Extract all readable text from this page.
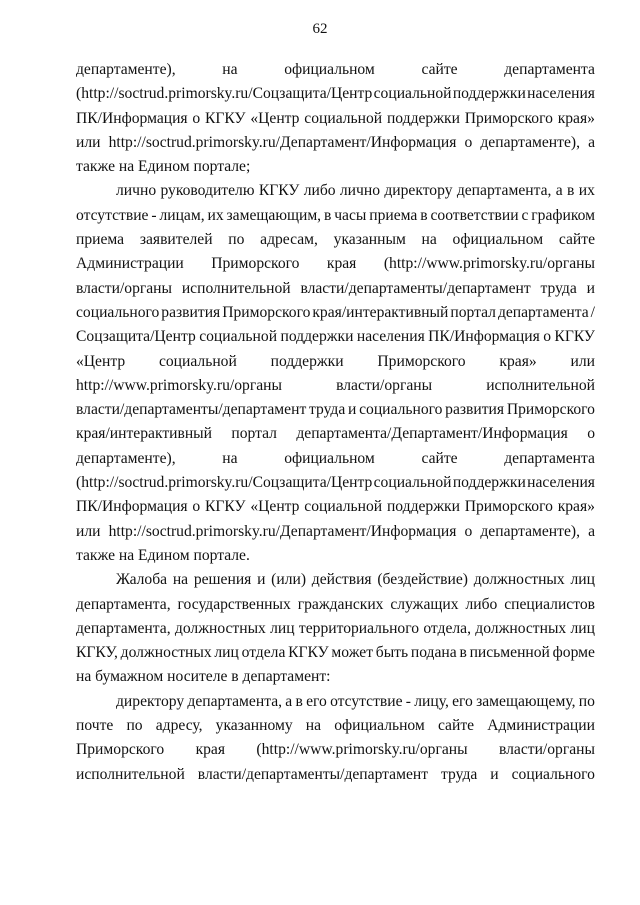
62

департаменте),	на	официальном	сайте	департамента

(http://soctrud.primorsky.ru/Соцзащита/Центр социальной поддержки населения

ПК/Информация о КГКУ «Центр социальной поддержки Приморского края»

или http://soctrud.primorsky.ru/Департамент/Информация о департаменте), а

также на Едином портале;

лично руководителю КГКУ либо лично директору департамента, а в их

отсутствие - лицам, их замещающим, в часы приема в соответствии с графиком

приема заявителей по адресам, указанным на официальном сайте

Администрации Приморского края (http://www.primorsky.ru/органы

власти/органы исполнительной власти/департаменты/департамент труда и

социального развития Приморского края/интерактивный портал департамента /

Соцзащита/Центр социальной поддержки населения ПК/Информация о КГКУ

«Центр социальной поддержки Приморского края» или

http://www.primorsky.ru/органы	власти/органы	исполнительной

власти/департаменты/департамент труда и социального развития Приморского

края/интерактивный портал департамента/Департамент/Информация о

департаменте),	на	официальном	сайте	департамента

(http://soctrud.primorsky.ru/Соцзащита/Центр социальной поддержки населения

ПК/Информация о КГКУ «Центр социальной поддержки Приморского края»

или http://soctrud.primorsky.ru/Департамент/Информация о департаменте), а

также на Едином портале.

Жалоба на решения и (или) действия (бездействие) должностных лиц

департамента, государственных гражданских служащих либо специалистов

департамента, должностных лиц территориального отдела, должностных лиц

КГКУ, должностных лиц отдела КГКУ может быть подана в письменной форме

на бумажном носителе в департамент:

директору департамента, а в его отсутствие - лицу, его замещающему, по

почте по адресу, указанному на официальном сайте Администрации

Приморского края (http://www.primorsky.ru/органы власти/органы

исполнительной власти/департаменты/департамент труда и социального
